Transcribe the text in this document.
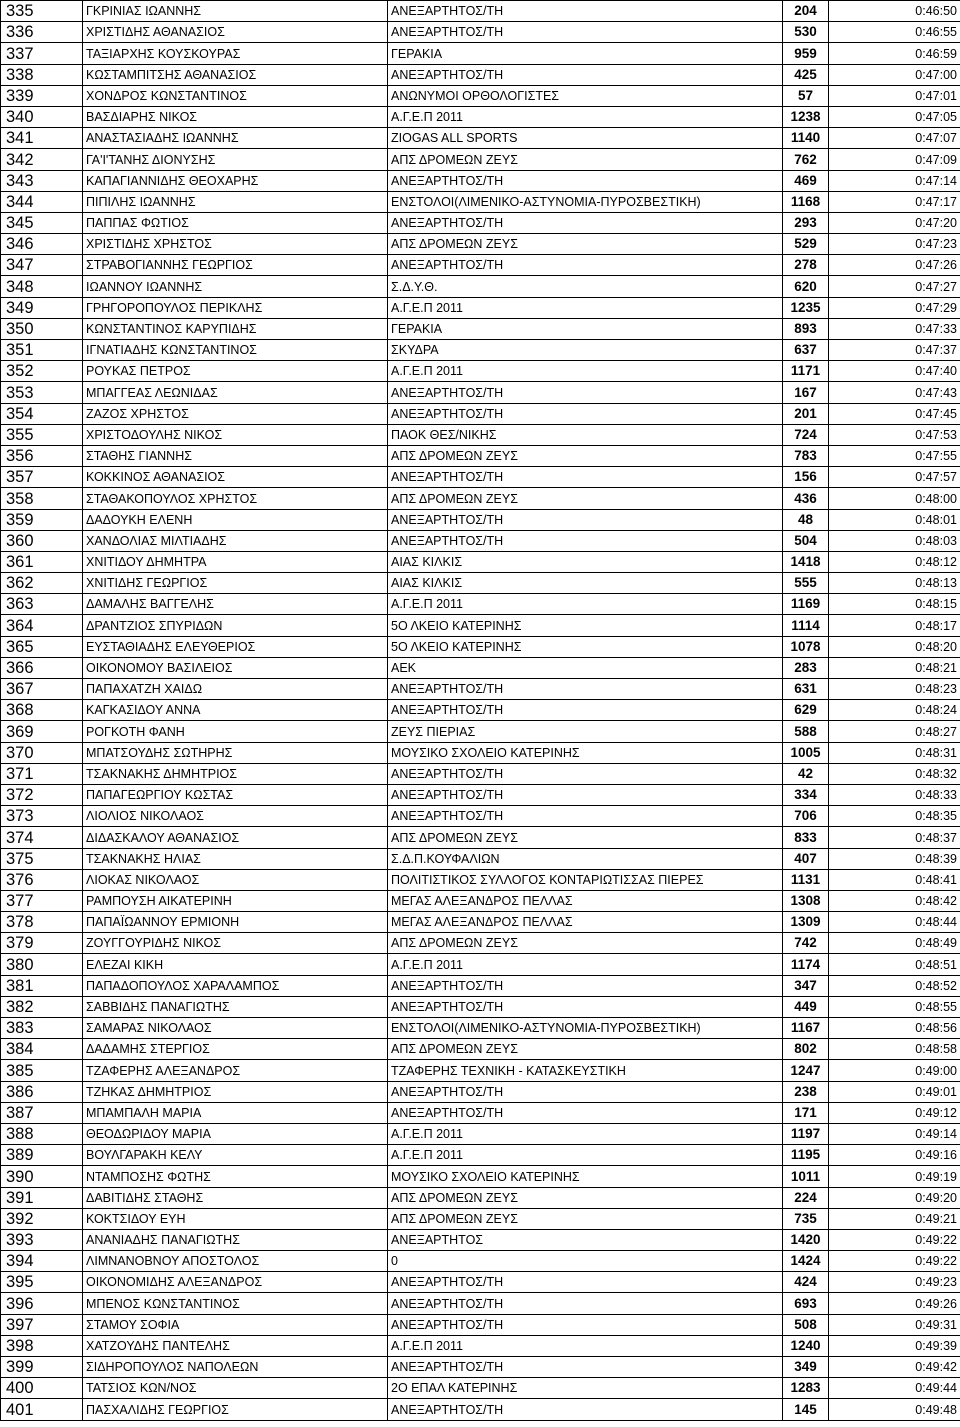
335	ΓΚΡΙΝΙΑΣ ΙΩΑΝΝΗΣ	ΑΝΕΞΑΡΤΗΤΟΣ/ΤΗ	204	0:46:50
336	ΧΡΙΣΤΙΔΗΣ ΑΘΑΝΑΣΙΟΣ	ΑΝΕΞΑΡΤΗΤΟΣ/ΤΗ	530	0:46:55
337	ΤΑΞΙΑΡΧΗΣ ΚΟΥΣΚΟΥΡΑΣ	ΓΕΡΑΚΙΑ	959	0:46:59
338	ΚΩΣΤΑΜΠΙΤΣΗΣ ΑΘΑΝΑΣΙΟΣ	ΑΝΕΞΑΡΤΗΤΟΣ/ΤΗ	425	0:47:00
339	ΧΟΝΔΡΟΣ ΚΩΝΣΤΑΝΤΙΝΟΣ	ΑΝΩΝΥΜΟΙ ΟΡΘΟΛΟΓΙΣΤΕΣ	57	0:47:01
340	ΒΑΣΔΙΑΡΗΣ ΝΙΚΟΣ	Α.Γ.Ε.Π 2011	1238	0:47:05
341	ΑΝΑΣΤΑΣΙΑΔΗΣ ΙΩΑΝΝΗΣ	ZIOGAS ALL SPORTS	1140	0:47:07
342	ΓΑ'Ι'ΤΑΝΗΣ ΔΙΟΝΥΣΗΣ	ΑΠΣ ΔΡΟΜΕΩΝ ΖΕΥΣ	762	0:47:09
343	ΚΑΠΑΓΙΑΝΝΙΔΗΣ ΘΕΟΧΑΡΗΣ	ΑΝΕΞΑΡΤΗΤΟΣ/ΤΗ	469	0:47:14
344	ΠΙΠΙΛΗΣ ΙΩΑΝΝΗΣ	ΕΝΣΤΟΛΟΙ(ΛΙΜΕΝΙΚΟ-ΑΣΤΥΝΟΜΙΑ-ΠΥΡΟΣΒΕΣΤΙΚΗ)	1168	0:47:17
345	ΠΑΠΠΑΣ ΦΩΤΙΟΣ	ΑΝΕΞΑΡΤΗΤΟΣ/ΤΗ	293	0:47:20
346	ΧΡΙΣΤΙΔΗΣ ΧΡΗΣΤΟΣ	ΑΠΣ ΔΡΟΜΕΩΝ ΖΕΥΣ	529	0:47:23
347	ΣΤΡΑΒΟΓΙΑΝΝΗΣ ΓΕΩΡΓΙΟΣ	ΑΝΕΞΑΡΤΗΤΟΣ/ΤΗ	278	0:47:26
348	ΙΩΑΝΝΟΥ ΙΩΑΝΝΗΣ	Σ.Δ.Υ.Θ.	620	0:47:27
349	ΓΡΗΓΟΡΟΠΟΥΛΟΣ ΠΕΡΙΚΛΗΣ	Α.Γ.Ε.Π 2011	1235	0:47:29
350	ΚΩΝΣΤΑΝΤΙΝΟΣ ΚΑΡΥΠΙΔΗΣ	ΓΕΡΑΚΙΑ	893	0:47:33
351	ΙΓΝΑΤΙΑΔΗΣ ΚΩΝΣΤΑΝΤΙΝΟΣ	ΣΚΥΔΡΑ	637	0:47:37
352	ΡΟΥΚΑΣ ΠΕΤΡΟΣ	Α.Γ.Ε.Π 2011	1171	0:47:40
353	ΜΠΑΓΓΕΑΣ ΛΕΩΝΙΔΑΣ	ΑΝΕΞΑΡΤΗΤΟΣ/ΤΗ	167	0:47:43
354	ΖΑΖΟΣ ΧΡΗΣΤΟΣ	ΑΝΕΞΑΡΤΗΤΟΣ/ΤΗ	201	0:47:45
355	ΧΡΙΣΤΟΔΟΥΛΗΣ ΝΙΚΟΣ	ΠΑΟΚ ΘΕΣ/ΝΙΚΗΣ	724	0:47:53
356	ΣΤΑΘΗΣ ΓΙΑΝΝΗΣ	ΑΠΣ ΔΡΟΜΕΩΝ ΖΕΥΣ	783	0:47:55
357	ΚΟΚΚΙΝΟΣ ΑΘΑΝΑΣΙΟΣ	ΑΝΕΞΑΡΤΗΤΟΣ/ΤΗ	156	0:47:57
358	ΣΤΑΘΑΚΟΠΟΥΛΟΣ ΧΡΗΣΤΟΣ	ΑΠΣ ΔΡΟΜΕΩΝ ΖΕΥΣ	436	0:48:00
359	ΔΑΔΟΥΚΗ ΕΛΕΝΗ	ΑΝΕΞΑΡΤΗΤΟΣ/ΤΗ	48	0:48:01
360	ΧΑΝΔΟΛΙΑΣ ΜΙΛΤΙΑΔΗΣ	ΑΝΕΞΑΡΤΗΤΟΣ/ΤΗ	504	0:48:03
361	ΧΝΙΤΙΔΟΥ ΔΗΜΗΤΡΑ	ΑΙΑΣ ΚΙΛΚΙΣ	1418	0:48:12
362	ΧΝΙΤΙΔΗΣ ΓΕΩΡΓΙΟΣ	ΑΙΑΣ ΚΙΛΚΙΣ	555	0:48:13
363	ΔΑΜΑΛΗΣ ΒΑΓΓΕΛΗΣ	Α.Γ.Ε.Π 2011	1169	0:48:15
364	ΔΡΑΝΤΖΙΟΣ ΣΠΥΡΙΔΩΝ	5Ο ΛΚΕΙΟ ΚΑΤΕΡΙΝΗΣ	1114	0:48:17
365	ΕΥΣΤΑΘΙΑΔΗΣ ΕΛΕΥΘΕΡΙΟΣ	5Ο ΛΚΕΙΟ ΚΑΤΕΡΙΝΗΣ	1078	0:48:20
366	ΟΙΚΟΝΟΜΟΥ ΒΑΣΙΛΕΙΟΣ	ΑΕΚ	283	0:48:21
367	ΠΑΠΑΧΑΤΖΗ ΧΑΙΔΩ	ΑΝΕΞΑΡΤΗΤΟΣ/ΤΗ	631	0:48:23
368	ΚΑΓΚΑΣΙΔΟΥ ΑΝΝΑ	ΑΝΕΞΑΡΤΗΤΟΣ/ΤΗ	629	0:48:24
369	ΡΟΓΚΟΤΗ ΦΑΝΗ	ΖΕΥΣ ΠΙΕΡΙΑΣ	588	0:48:27
370	ΜΠΑΤΣΟΥΔΗΣ ΣΩΤΗΡΗΣ	ΜΟΥΣΙΚΟ ΣΧΟΛΕΙΟ ΚΑΤΕΡΙΝΗΣ	1005	0:48:31
371	ΤΣΑΚΝΑΚΗΣ ΔΗΜΗΤΡΙΟΣ	ΑΝΕΞΑΡΤΗΤΟΣ/ΤΗ	42	0:48:32
372	ΠΑΠΑΓΕΩΡΓΙΟΥ ΚΩΣΤΑΣ	ΑΝΕΞΑΡΤΗΤΟΣ/ΤΗ	334	0:48:33
373	ΛΙΟΛΙΟΣ ΝΙΚΟΛΑΟΣ	ΑΝΕΞΑΡΤΗΤΟΣ/ΤΗ	706	0:48:35
374	ΔΙΔΑΣΚΑΛΟΥ ΑΘΑΝΑΣΙΟΣ	ΑΠΣ ΔΡΟΜΕΩΝ ΖΕΥΣ	833	0:48:37
375	ΤΣΑΚΝΑΚΗΣ ΗΛΙΑΣ	Σ.Δ.Π.ΚΟΥΦΑΛΙΩΝ	407	0:48:39
376	ΛΙΟΚΑΣ ΝΙΚΟΛΑΟΣ	ΠΟΛΙΤΙΣΤΙΚΟΣ ΣΥΛΛΟΓΟΣ ΚΟΝΤΑΡΙΩΤΙΣΣΑΣ ΠΙΕΡΕΣ	1131	0:48:41
377	ΡΑΜΠΟΥΣΗ ΑΙΚΑΤΕΡΙΝΗ	ΜΕΓΑΣ ΑΛΕΞΑΝΔΡΟΣ ΠΕΛΛΑΣ	1308	0:48:42
378	ΠΑΠΑΪΩΑΝΝΟΥ ΕΡΜΙΟΝΗ	ΜΕΓΑΣ ΑΛΕΞΑΝΔΡΟΣ ΠΕΛΛΑΣ	1309	0:48:44
379	ΖΟΥΓΓΟΥΡΙΔΗΣ ΝΙΚΟΣ	ΑΠΣ ΔΡΟΜΕΩΝ ΖΕΥΣ	742	0:48:49
380	ΕΛΕΖΑΙ ΚΙΚΗ	Α.Γ.Ε.Π 2011	1174	0:48:51
381	ΠΑΠΑΔΟΠΟΥΛΟΣ ΧΑΡΑΛΑΜΠΟΣ	ΑΝΕΞΑΡΤΗΤΟΣ/ΤΗ	347	0:48:52
382	ΣΑΒΒΙΔΗΣ ΠΑΝΑΓΙΩΤΗΣ	ΑΝΕΞΑΡΤΗΤΟΣ/ΤΗ	449	0:48:55
383	ΣΑΜΑΡΑΣ ΝΙΚΟΛΑΟΣ	ΕΝΣΤΟΛΟΙ(ΛΙΜΕΝΙΚΟ-ΑΣΤΥΝΟΜΙΑ-ΠΥΡΟΣΒΕΣΤΙΚΗ)	1167	0:48:56
384	ΔΑΔΑΜΗΣ ΣΤΕΡΓΙΟΣ	ΑΠΣ ΔΡΟΜΕΩΝ ΖΕΥΣ	802	0:48:58
385	ΤΖΑΦΕΡΗΣ ΑΛΕΞΑΝΔΡΟΣ	ΤΖΑΦΕΡΗΣ ΤΕΧΝΙΚΗ - ΚΑΤΑΣΚΕΥΣΤΙΚΗ	1247	0:49:00
386	ΤΖΗΚΑΣ ΔΗΜΗΤΡΙΟΣ	ΑΝΕΞΑΡΤΗΤΟΣ/ΤΗ	238	0:49:01
387	ΜΠΑΜΠΑΛΗ ΜΑΡΙΑ	ΑΝΕΞΑΡΤΗΤΟΣ/ΤΗ	171	0:49:12
388	ΘΕΟΔΩΡΙΔΟΥ ΜΑΡΙΑ	Α.Γ.Ε.Π 2011	1197	0:49:14
389	ΒΟΥΛΓΑΡΑΚΗ ΚΕΛΥ	Α.Γ.Ε.Π 2011	1195	0:49:16
390	ΝΤΑΜΠΟΣΗΣ ΦΩΤΗΣ	ΜΟΥΣΙΚΟ ΣΧΟΛΕΙΟ ΚΑΤΕΡΙΝΗΣ	1011	0:49:19
391	ΔΑΒΙΤΙΔΗΣ ΣΤΑΘΗΣ	ΑΠΣ ΔΡΟΜΕΩΝ ΖΕΥΣ	224	0:49:20
392	ΚΟΚΤΣΙΔΟΥ ΕΥΗ	ΑΠΣ ΔΡΟΜΕΩΝ ΖΕΥΣ	735	0:49:21
393	ΑΝΑΝΙΑΔΗΣ ΠΑΝΑΓΙΩΤΗΣ	ΑΝΕΞΑΡΤΗΤΟΣ	1420	0:49:22
394	ΛΙΜΝΑΝΟΒΝΟΥ ΑΠΟΣΤΟΛΟΣ	0	1424	0:49:22
395	ΟΙΚΟΝΟΜΙΔΗΣ ΑΛΕΞΑΝΔΡΟΣ	ΑΝΕΞΑΡΤΗΤΟΣ/ΤΗ	424	0:49:23
396	ΜΠΕΝΟΣ ΚΩΝΣΤΑΝΤΙΝΟΣ	ΑΝΕΞΑΡΤΗΤΟΣ/ΤΗ	693	0:49:26
397	ΣΤΑΜΟΥ ΣΟΦΙΑ	ΑΝΕΞΑΡΤΗΤΟΣ/ΤΗ	508	0:49:31
398	ΧΑΤΖΟΥΔΗΣ ΠΑΝΤΕΛΗΣ	Α.Γ.Ε.Π 2011	1240	0:49:39
399	ΣΙΔΗΡΟΠΟΥΛΟΣ ΝΑΠΟΛΕΩΝ	ΑΝΕΞΑΡΤΗΤΟΣ/ΤΗ	349	0:49:42
400	ΤΑΤΣΙΟΣ ΚΩΝ/ΝΟΣ	2Ο ΕΠΑΛ ΚΑΤΕΡΙΝΗΣ	1283	0:49:44
401	ΠΑΣΧΑΛΙΔΗΣ ΓΕΩΡΓΙΟΣ	ΑΝΕΞΑΡΤΗΤΟΣ/ΤΗ	145	0:49:48
